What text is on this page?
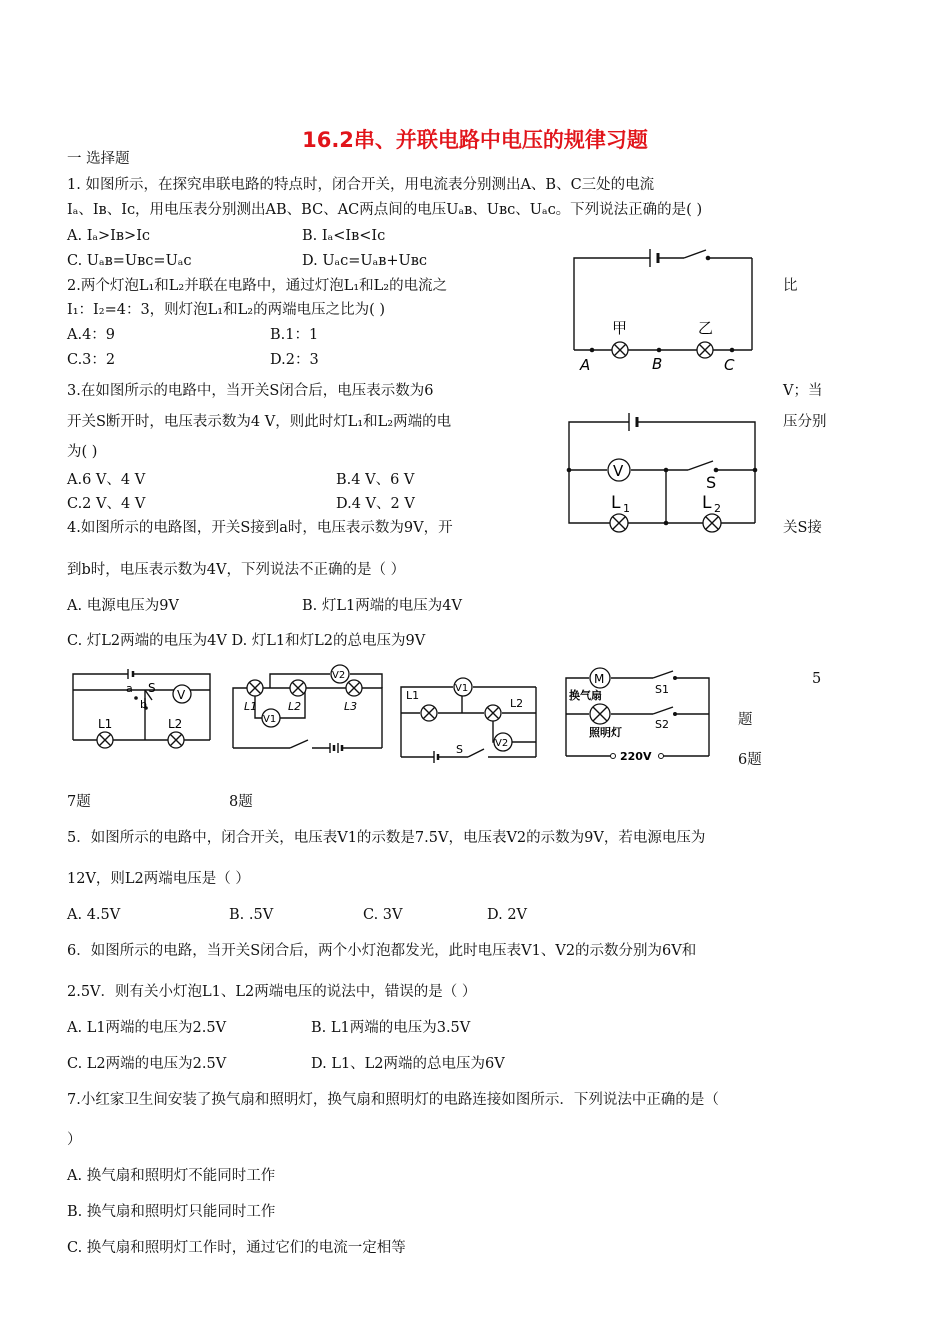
16.2串、并联电路中电压的规律习题
一 选择题
1. 如图所示，在探究串联电路的特点时，闭合开关，用电流表分别测出A、B、C三处的电流
Iₐ、Iʙ、Iᴄ，用电压表分别测出AB、BC、AC两点间的电压Uₐʙ、Uʙᴄ、Uₐᴄ。下列说法正确的是( )
A. Iₐ>Iʙ>Iᴄ	B. Iₐ<Iʙ<Iᴄ
C. Uₐʙ=Uʙᴄ=Uₐᴄ	D. Uₐᴄ=Uₐʙ+Uʙᴄ
2.两个灯泡L₁和L₂并联在电路中，通过灯泡L₁和L₂的电流之	比
I₁：I₂=4：3，则灯泡L₁和L₂的两端电压之比为( )
A.4：9	B.1：1
C.3：2	D.2：3
3.在如图所示的电路中，当开关S闭合后，电压表示数为6	V；当
开关S断开时，电压表示数为4 V，则此时灯L₁和L₂两端的电	压分别
为( )
A.6 V、4 V	B.4 V、6 V
C.2 V、4 V	D.4 V、2 V
4.如图所示的电路图，开关S接到a时，电压表示数为9V，开	关S接
到b时，电压表示数为4V，下列说法不正确的是（ ）
A. 电源电压为9V	B. 灯L1两端的电压为4V
C. 灯L2两端的电压为4V D. 灯L1和灯L2的总电压为9V
5
题
6题
7题	8题
5．如图所示的电路中，闭合开关，电压表V1的示数是7.5V，电压表V2的示数为9V，若电源电压为
12V，则L2两端电压是（ ）
A. 4.5V	B. .5V	C. 3V	D. 2V
6．如图所示的电路，当开关S闭合后，两个小灯泡都发光，此时电压表V1、V2的示数分别为6V和
2.5V．则有关小灯泡L1、L2两端电压的说法中，错误的是（ ）
A. L1两端的电压为2.5V	B. L1两端的电压为3.5V
C. L2两端的电压为2.5V	D. L1、L2两端的总电压为6V
7.小红家卫生间安装了换气扇和照明灯，换气扇和照明灯的电路连接如图所示．下列说法中正确的是（
）
A. 换气扇和照明灯不能同时工作
B. 换气扇和照明灯只能同时工作
C. 换气扇和照明灯工作时，通过它们的电流一定相等
甲	乙
A	B	C
V
S
L 1	L 2
V
a S
b
L1	L2
V2
V1
L1	L2	L3
V1
V2
L1
L2
S
M
换气扇
照明灯
S1
S2
220V
